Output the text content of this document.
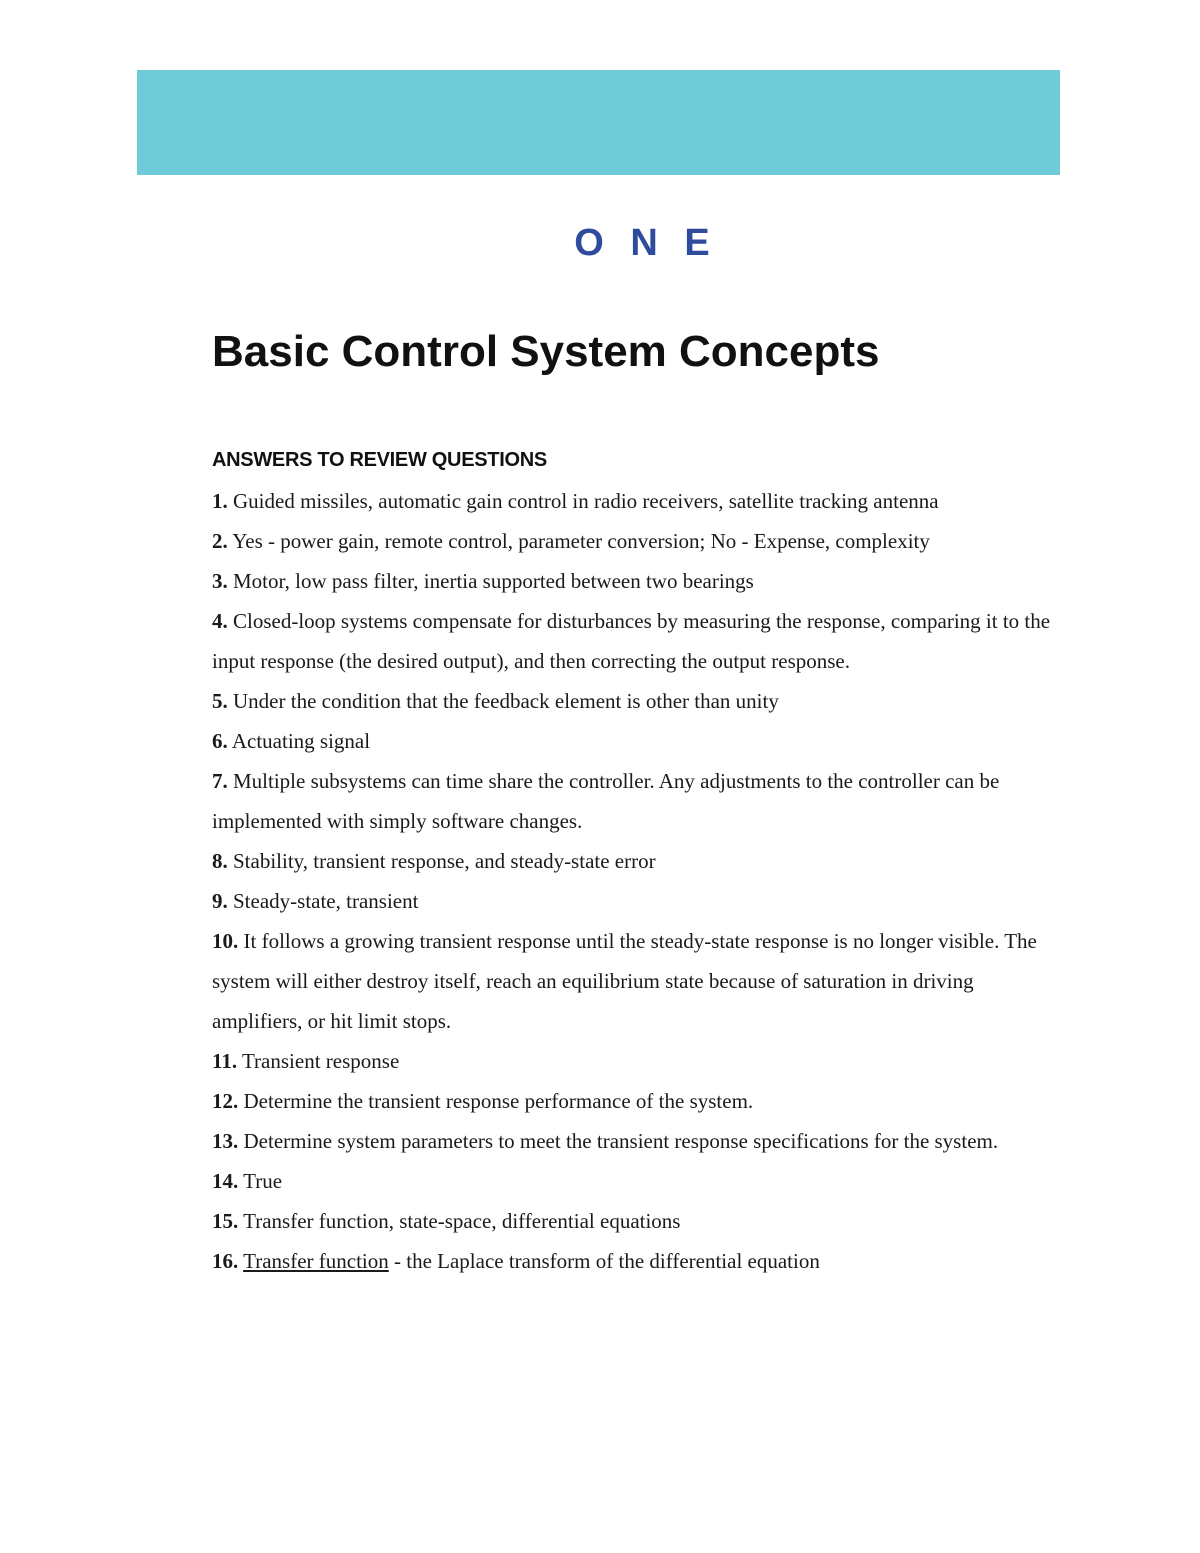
O N E
Basic Control System Concepts
ANSWERS TO REVIEW QUESTIONS
1. Guided missiles, automatic gain control in radio receivers, satellite tracking antenna
2. Yes - power gain, remote control, parameter conversion; No - Expense, complexity
3. Motor, low pass filter, inertia supported between two bearings
4. Closed-loop systems compensate for disturbances by measuring the response, comparing it to the input response (the desired output), and then correcting the output response.
5. Under the condition that the feedback element is other than unity
6. Actuating signal
7. Multiple subsystems can time share the controller. Any adjustments to the controller can be implemented with simply software changes.
8. Stability, transient response, and steady-state error
9. Steady-state, transient
10. It follows a growing transient response until the steady-state response is no longer visible. The system will either destroy itself, reach an equilibrium state because of saturation in driving amplifiers, or hit limit stops.
11. Transient response
12. Determine the transient response performance of the system.
13. Determine system parameters to meet the transient response specifications for the system.
14. True
15. Transfer function, state-space, differential equations
16. Transfer function - the Laplace transform of the differential equation
